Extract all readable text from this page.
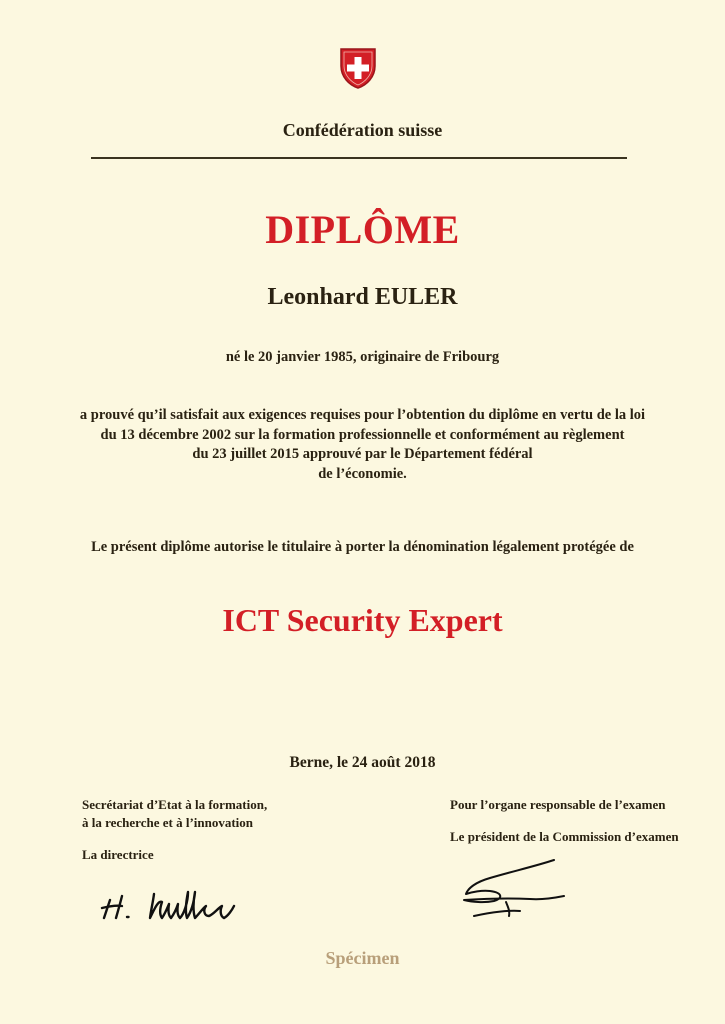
Confédération suisse
DIPLÔME
Leonhard EULER
né le 20 janvier 1985, originaire de Fribourg
a prouvé qu’il satisfait aux exigences requises pour l’obtention du diplôme en vertu de la loi
du 13 décembre 2002 sur la formation professionnelle et conformément au règlement
du 23 juillet 2015 approuvé par le Département fédéral
de l’économie.
Le présent diplôme autorise le titulaire à porter la dénomination légalement protégée de
ICT Security Expert
Berne, le 24 août 2018
Secrétariat d’Etat à la formation,
à la recherche et à l’innovation
La directrice
Pour l’organe responsable de l’examen
Le président de la Commission d’examen
Spécimen
